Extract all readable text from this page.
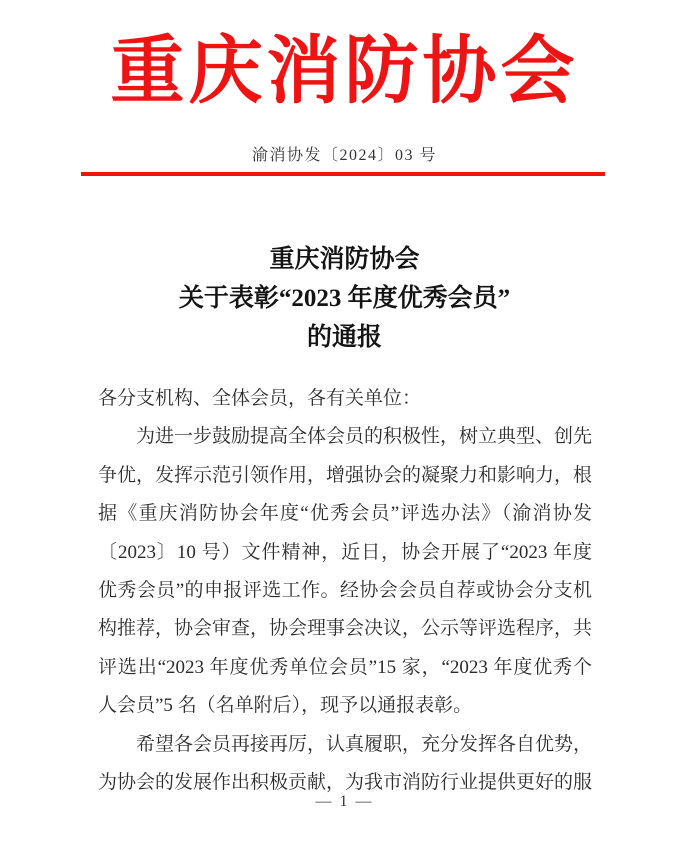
重庆消防协会
渝消协发〔2024〕03 号
重庆消防协会
关于表彰“2023 年度优秀会员”
的通报
各分支机构、全体会员，各有关单位：
为进一步鼓励提高全体会员的积极性，树立典型、创先
争优，发挥示范引领作用，增强协会的凝聚力和影响力，根
据《重庆消防协会年度“优秀会员”评选办法》（渝消协发
〔2023〕10 号）文件精神，近日，协会开展了“2023 年度
优秀会员”的申报评选工作。经协会会员自荐或协会分支机
构推荐，协会审查，协会理事会决议，公示等评选程序，共
评选出“2023 年度优秀单位会员”15 家，“2023 年度优秀个
人会员”5 名（名单附后），现予以通报表彰。
希望各会员再接再厉，认真履职，充分发挥各自优势，
为协会的发展作出积极贡献，为我市消防行业提供更好的服
— 1 —
